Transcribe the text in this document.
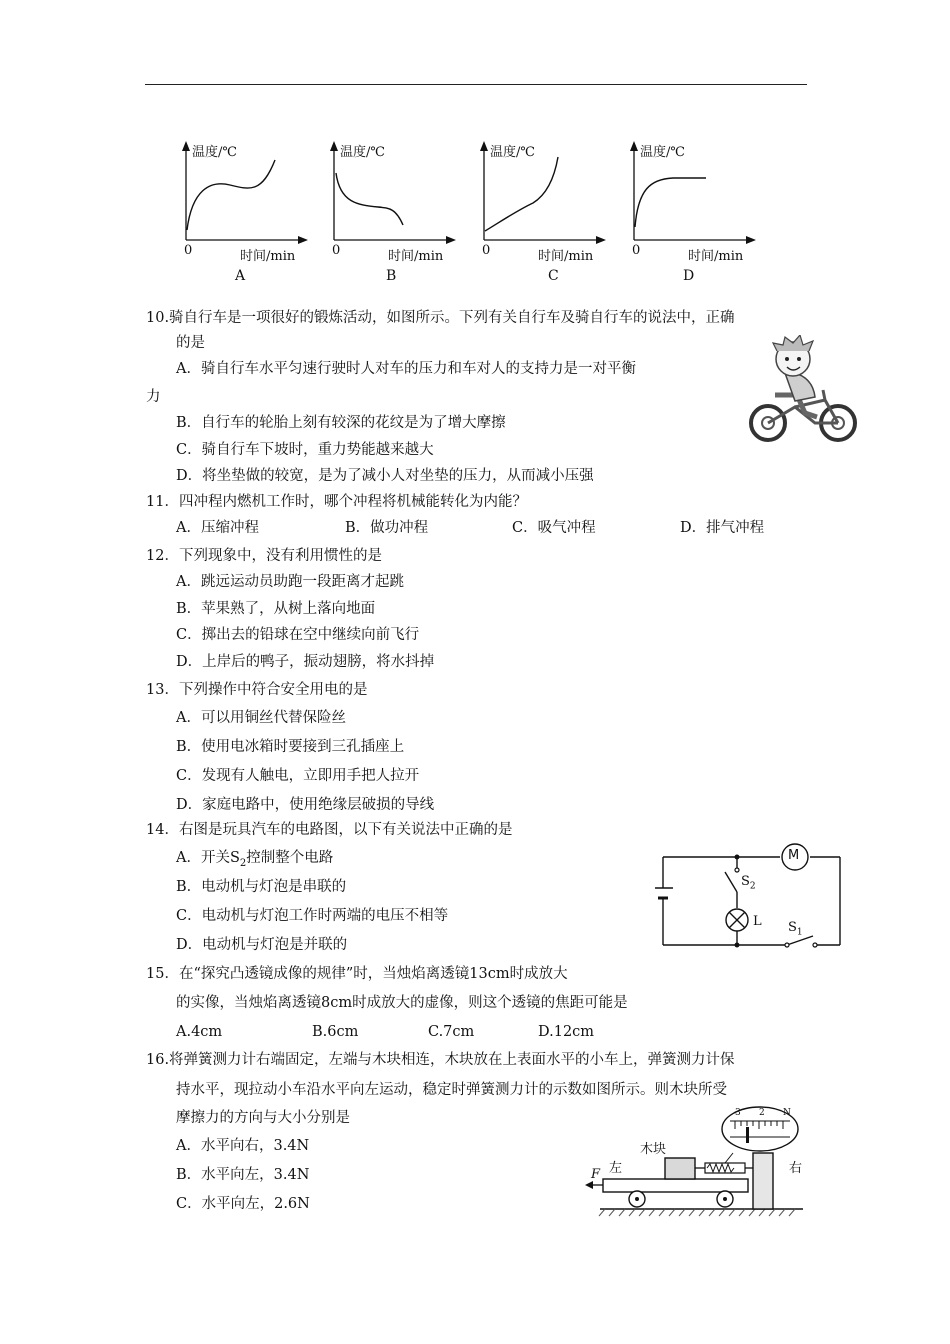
温度/℃
0	时间/min
A
温度/℃
0	时间/min
B
温度/℃
0	时间/min
C
温度/℃
0	时间/min
D
10.骑自行车是一项很好的锻炼活动，如图所示。下列有关自行车及骑自行车的说法中，正确
的是
A．骑自行车水平匀速行驶时人对车的压力和车对人的支持力是一对平衡
力
B．自行车的轮胎上刻有较深的花纹是为了增大摩擦
C．骑自行车下坡时，重力势能越来越大
D．将坐垫做的较宽，是为了减小人对坐垫的压力，从而减小压强
11．四冲程内燃机工作时，哪个冲程将机械能转化为内能？
A．压缩冲程	B．做功冲程	C．吸气冲程	D．排气冲程
12．下列现象中，没有利用惯性的是
A．跳远运动员助跑一段距离才起跳
B．苹果熟了，从树上落向地面
C．掷出去的铅球在空中继续向前飞行
D．上岸后的鸭子，振动翅膀，将水抖掉
13．下列操作中符合安全用电的是
A．可以用铜丝代替保险丝
B．使用电冰箱时要接到三孔插座上
C．发现有人触电，立即用手把人拉开
D．家庭电路中，使用绝缘层破损的导线
14．右图是玩具汽车的电路图，以下有关说法中正确的是
A．开关$S_2$控制整个电路
B．电动机与灯泡是串联的
C．电动机与灯泡工作时两端的电压不相等
D．电动机与灯泡是并联的
M
$S_2$
L $S_1$
15．在“探究凸透镜成像的规律”时，当烛焰离透镜13cm时成放大
的实像，当烛焰离透镜8cm时成放大的虚像，则这个透镜的焦距可能是
A.4cm	B.6cm	C.7cm	D.12cm
16.将弹簧测力计右端固定，左端与木块相连，木块放在上表面水平的小车上，弹簧测力计保
持水平，现拉动小车沿水平向左运动，稳定时弹簧测力计的示数如图所示。则木块所受
摩擦力的方向与大小分别是
A．水平向右，3.4N
B．水平向左，3.4N
C．水平向左，2.6N
木块
左	右
F
3 2 N
